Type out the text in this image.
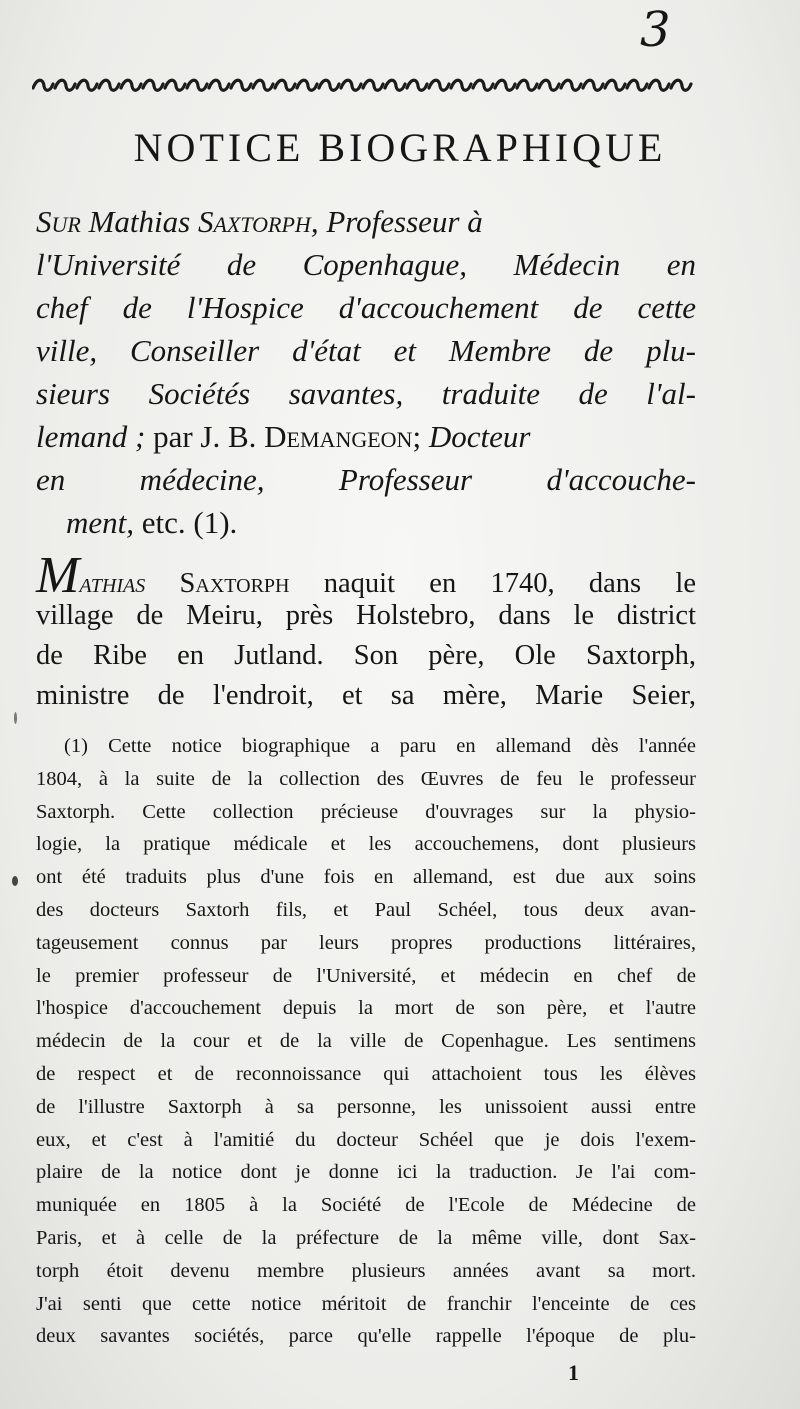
3
NOTICE BIOGRAPHIQUE
Sur Mathias Saxtorph, Professeur à
l'Université de Copenhague, Médecin en
chef de l'Hospice d'accouchement de cette
ville, Conseiller d'état et Membre de plu-
sieurs Sociétés savantes, traduite de l'al-
lemand ; par J. B. Demangeon; Docteur
en médecine, Professeur d'accouche-
ment, etc. (1).
Mathias Saxtorph naquit en 1740, dans le
village de Meiru, près Holstebro, dans le district
de Ribe en Jutland. Son père, Ole Saxtorph,
ministre de l'endroit, et sa mère, Marie Seier,
(1) Cette notice biographique a paru en allemand dès l'année
1804, à la suite de la collection des Œuvres de feu le professeur
Saxtorph. Cette collection précieuse d'ouvrages sur la physio-
logie, la pratique médicale et les accouchemens, dont plusieurs
ont été traduits plus d'une fois en allemand, est due aux soins
des docteurs Saxtorh fils, et Paul Schéel, tous deux avan-
tageusement connus par leurs propres productions littéraires,
le premier professeur de l'Université, et médecin en chef de
l'hospice d'accouchement depuis la mort de son père, et l'autre
médecin de la cour et de la ville de Copenhague. Les sentimens
de respect et de reconnoissance qui attachoient tous les élèves
de l'illustre Saxtorph à sa personne, les unissoient aussi entre
eux, et c'est à l'amitié du docteur Schéel que je dois l'exem-
plaire de la notice dont je donne ici la traduction. Je l'ai com-
muniquée en 1805 à la Société de l'Ecole de Médecine de
Paris, et à celle de la préfecture de la même ville, dont Sax-
torph étoit devenu membre plusieurs années avant sa mort.
J'ai senti que cette notice méritoit de franchir l'enceinte de ces
deux savantes sociétés, parce qu'elle rappelle l'époque de plu-
1
